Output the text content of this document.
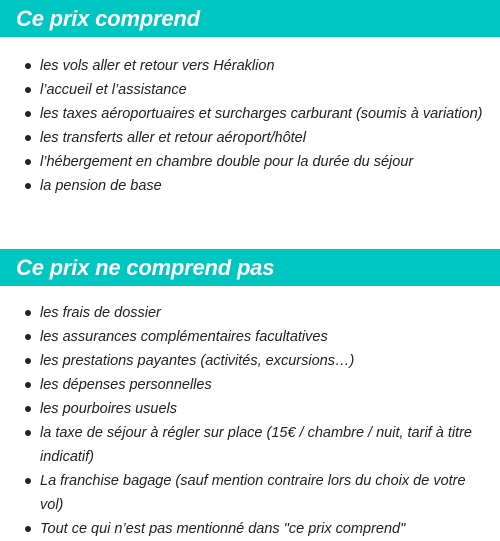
Ce prix comprend
les vols aller et retour vers Héraklion
l’accueil et l’assistance
les taxes aéroportuaires et surcharges carburant (soumis à variation)
les transferts aller et retour aéroport/hôtel
l’hébergement en chambre double pour la durée du séjour
la pension de base
Ce prix ne comprend pas
les frais de dossier
les assurances complémentaires facultatives
les prestations payantes (activités, excursions…)
les dépenses personnelles
les pourboires usuels
la taxe de séjour à régler sur place (15€ / chambre / nuit, tarif à titre indicatif)
La franchise bagage (sauf mention contraire lors du choix de votre vol)
Tout ce qui n’est pas mentionné dans "ce prix comprend"
